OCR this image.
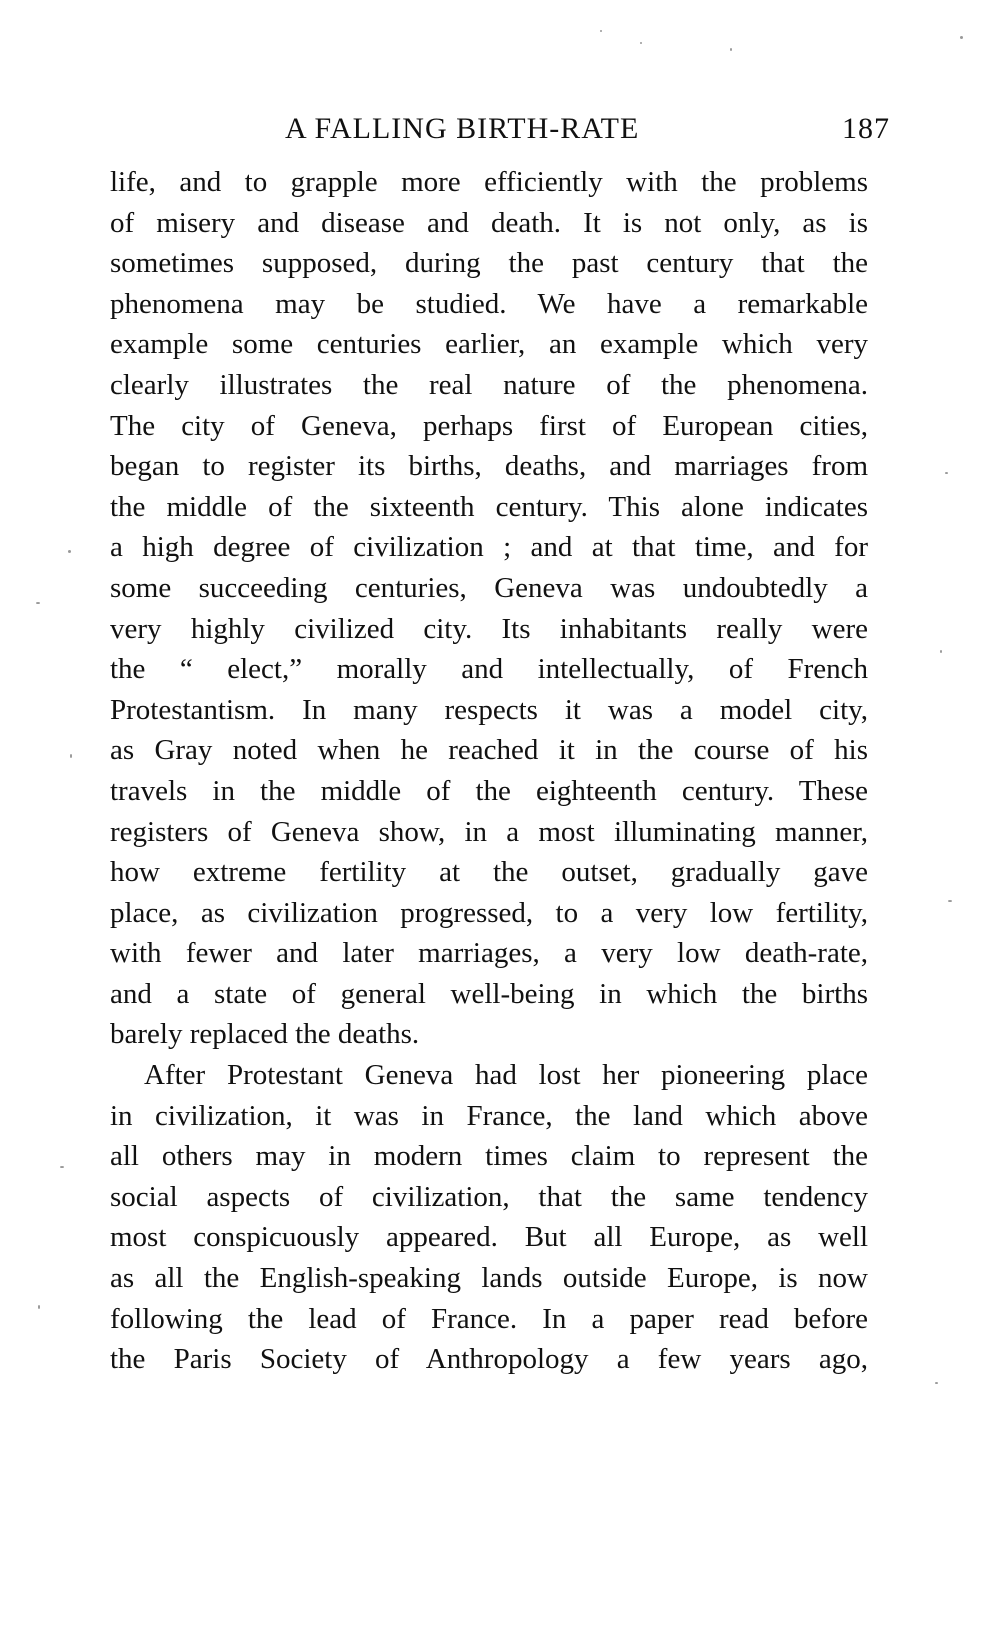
A FALLING BIRTH-RATE	187
life, and to grapple more efficiently with the problems
of misery and disease and death. It is not only, as is
sometimes supposed, during the past century that the
phenomena may be studied. We have a remarkable
example some centuries earlier, an example which very
clearly illustrates the real nature of the phenomena.
The city of Geneva, perhaps first of European cities,
began to register its births, deaths, and marriages from
the middle of the sixteenth century. This alone indicates
a high degree of civilization ; and at that time, and for
some succeeding centuries, Geneva was undoubtedly a
very highly civilized city. Its inhabitants really were
the “ elect,” morally and intellectually, of French
Protestantism. In many respects it was a model city,
as Gray noted when he reached it in the course of his
travels in the middle of the eighteenth century. These
registers of Geneva show, in a most illuminating manner,
how extreme fertility at the outset, gradually gave
place, as civilization progressed, to a very low fertility,
with fewer and later marriages, a very low death-rate,
and a state of general well-being in which the births
barely replaced the deaths.
After Protestant Geneva had lost her pioneering place
in civilization, it was in France, the land which above
all others may in modern times claim to represent the
social aspects of civilization, that the same tendency
most conspicuously appeared. But all Europe, as well
as all the English-speaking lands outside Europe, is now
following the lead of France. In a paper read before
the Paris Society of Anthropology a few years ago,
